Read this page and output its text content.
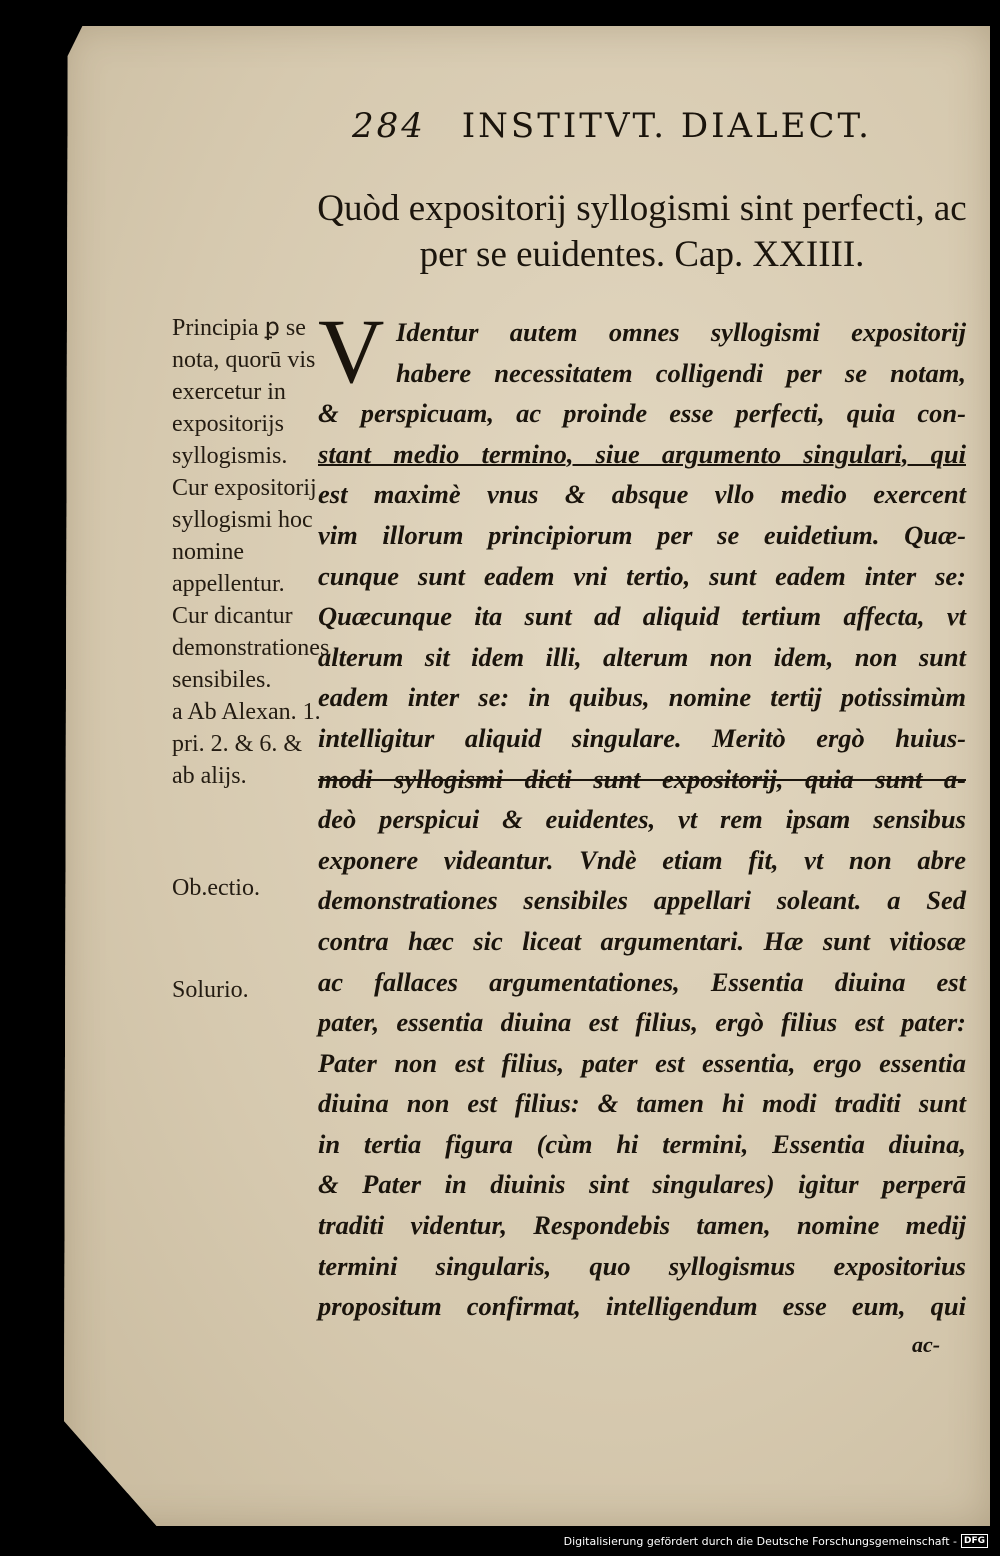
284 INSTITVT. DIALECT.
Quòd expositorij syllogismi sint perfecti, ac per se euidentes. Cap. XXIIII.

Principia ꝑ se nota, quorū vis exercetur in expositorijs syllogismis.

Cur expositorij syllogismi hoc nomine appellentur.

Cur dicantur demonstrationes sensibiles.

a Ab Alexan. 1. pri. 2. & 6. & ab alijs.

Ob.ectio.

Solurio.

V Identur autem omnes syllogismi expositorij

habere necessitatem colligendi per se notam,

& perspicuam, ac proinde esse perfecti, quia con-

stant medio termino, siue argumento singulari, qui

est maximè vnus & absque vllo medio exercent

vim illorum principiorum per se euidetium. Quæ-

cunque sunt eadem vni tertio, sunt eadem inter se:

Quæcunque ita sunt ad aliquid tertium affecta, vt

alterum sit idem illi, alterum non idem, non sunt

eadem inter se: in quibus, nomine tertij potissimùm

intelligitur aliquid singulare. Meritò ergò huius-

modi syllogismi dicti sunt expositorij, quia sunt a-

deò perspicui & euidentes, vt rem ipsam sensibus

exponere videantur. Vndè etiam fit, vt non abre

demonstrationes sensibiles appellari soleant. a Sed

contra hæc sic liceat argumentari. Hæ sunt vitiosæ

ac fallaces argumentationes, Essentia diuina est

pater, essentia diuina est filius, ergò filius est pater:

Pater non est filius, pater est essentia, ergo essentia

diuina non est filius: & tamen hi modi traditi sunt

in tertia figura (cùm hi termini, Essentia diuina,

& Pater in diuinis sint singulares) igitur perperā

traditi videntur, Respondebis tamen, nomine medij

termini singularis, quo syllogismus expositorius

propositum confirmat, intelligendum esse eum, qui

ac-
Digitalisierung gefördert durch die Deutsche Forschungsgemeinschaft - DFG
